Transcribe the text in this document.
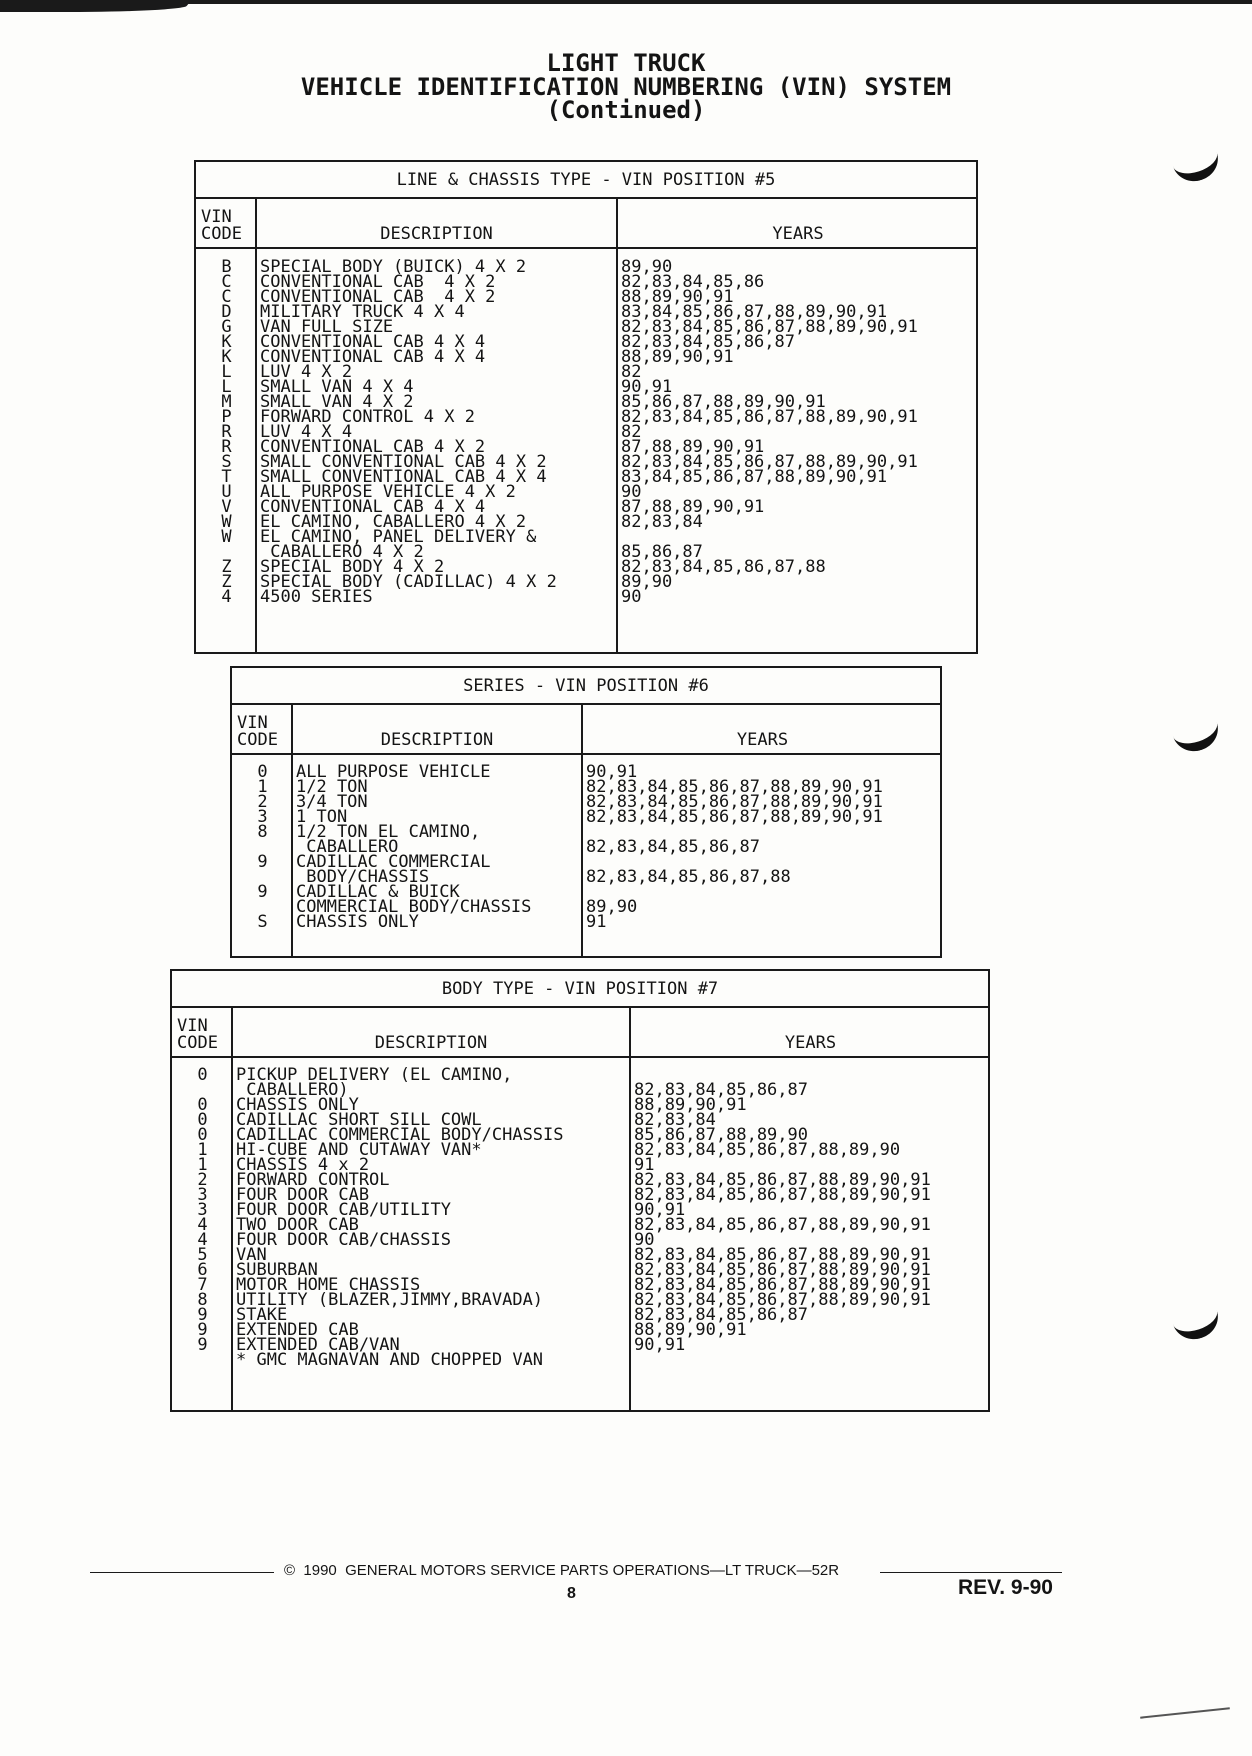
LIGHT TRUCK
VEHICLE IDENTIFICATION NUMBERING (VIN) SYSTEM
(Continued)
LINE & CHASSIS TYPE - VIN POSITION #5
VIN
CODE	DESCRIPTION	YEARS
B	SPECIAL BODY (BUICK) 4 X 2	89,90
C	CONVENTIONAL CAB  4 X 2	82,83,84,85,86
C	CONVENTIONAL CAB  4 X 2	88,89,90,91
D	MILITARY TRUCK 4 X 4	83,84,85,86,87,88,89,90,91
G	VAN FULL SIZE	82,83,84,85,86,87,88,89,90,91
K	CONVENTIONAL CAB 4 X 4	82,83,84,85,86,87
K	CONVENTIONAL CAB 4 X 4	88,89,90,91
L	LUV 4 X 2	82
L	SMALL VAN 4 X 4	90,91
M	SMALL VAN 4 X 2	85,86,87,88,89,90,91
P	FORWARD CONTROL 4 X 2	82,83,84,85,86,87,88,89,90,91
R	LUV 4 X 4	82
R	CONVENTIONAL CAB 4 X 2	87,88,89,90,91
S	SMALL CONVENTIONAL CAB 4 X 2	82,83,84,85,86,87,88,89,90,91
T	SMALL CONVENTIONAL CAB 4 X 4	83,84,85,86,87,88,89,90,91
U	ALL PURPOSE VEHICLE 4 X 2	90
V	CONVENTIONAL CAB 4 X 4	87,88,89,90,91
W	EL CAMINO, CABALLERO 4 X 2	82,83,84
W	EL CAMINO, PANEL DELIVERY &
CABALLERO 4 X 2	85,86,87
Z	SPECIAL BODY 4 X 2	82,83,84,85,86,87,88
Z	SPECIAL BODY (CADILLAC) 4 X 2	89,90
4	4500 SERIES	90
SERIES - VIN POSITION #6
VIN
CODE	DESCRIPTION	YEARS
0	ALL PURPOSE VEHICLE	90,91
1	1/2 TON	82,83,84,85,86,87,88,89,90,91
2	3/4 TON	82,83,84,85,86,87,88,89,90,91
3	1 TON	82,83,84,85,86,87,88,89,90,91
8	1/2 TON EL CAMINO,
CABALLERO	82,83,84,85,86,87
9	CADILLAC COMMERCIAL
BODY/CHASSIS	82,83,84,85,86,87,88
9	CADILLAC & BUICK
COMMERCIAL BODY/CHASSIS	89,90
S	CHASSIS ONLY	91
BODY TYPE - VIN POSITION #7
VIN
CODE	DESCRIPTION	YEARS
0	PICKUP DELIVERY (EL CAMINO,
CABALLERO)	82,83,84,85,86,87
0	CHASSIS ONLY	88,89,90,91
0	CADILLAC SHORT SILL COWL	82,83,84
0	CADILLAC COMMERCIAL BODY/CHASSIS	85,86,87,88,89,90
1	HI-CUBE AND CUTAWAY VAN*	82,83,84,85,86,87,88,89,90
1	CHASSIS 4 x 2	91
2	FORWARD CONTROL	82,83,84,85,86,87,88,89,90,91
3	FOUR DOOR CAB	82,83,84,85,86,87,88,89,90,91
3	FOUR DOOR CAB/UTILITY	90,91
4	TWO DOOR CAB	82,83,84,85,86,87,88,89,90,91
4	FOUR DOOR CAB/CHASSIS	90
5	VAN	82,83,84,85,86,87,88,89,90,91
6	SUBURBAN	82,83,84,85,86,87,88,89,90,91
7	MOTOR HOME CHASSIS	82,83,84,85,86,87,88,89,90,91
8	UTILITY (BLAZER,JIMMY,BRAVADA)	82,83,84,85,86,87,88,89,90,91
9	STAKE	82,83,84,85,86,87
9	EXTENDED CAB	88,89,90,91
9	EXTENDED CAB/VAN	90,91
* GMC MAGNAVAN AND CHOPPED VAN
©  1990  GENERAL MOTORS SERVICE PARTS OPERATIONS—LT TRUCK—52R
8	REV. 9-90
